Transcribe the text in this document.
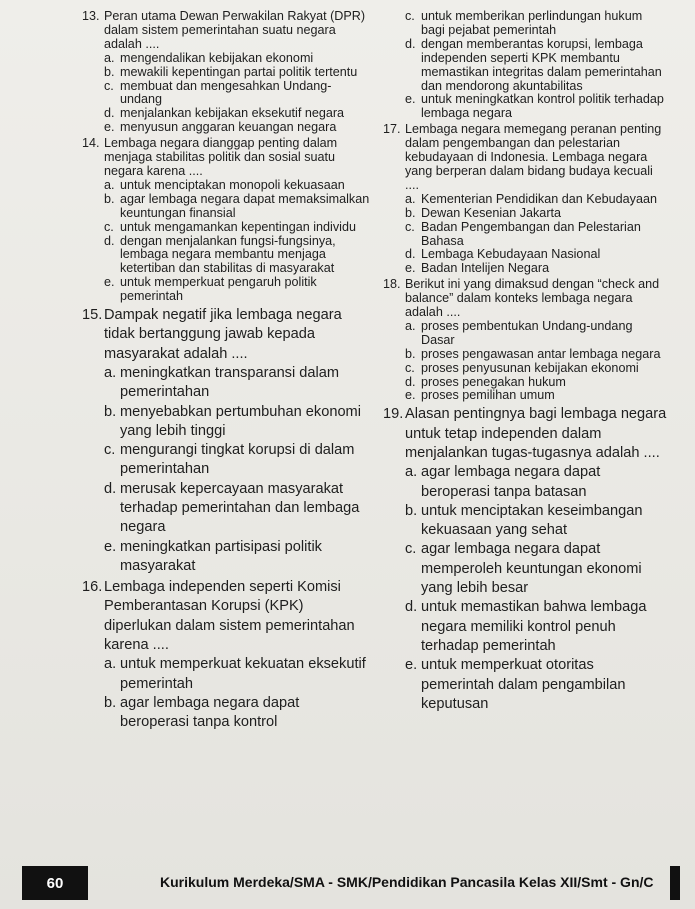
13. Peran utama Dewan Perwakilan Rakyat (DPR) dalam sistem pemerintahan suatu negara adalah ....
a. mengendalikan kebijakan ekonomi
b. mewakili kepentingan partai politik tertentu
c. membuat dan mengesahkan Undang-undang
d. menjalankan kebijakan eksekutif negara
e. menyusun anggaran keuangan negara
14. Lembaga negara dianggap penting dalam menjaga stabilitas politik dan sosial suatu negara karena ....
a. untuk menciptakan monopoli kekuasaan
b. agar lembaga negara dapat memaksimalkan keuntungan finansial
c. untuk mengamankan kepentingan individu
d. dengan menjalankan fungsi-fungsinya, lembaga negara membantu menjaga ketertiban dan stabilitas di masyarakat
e. untuk memperkuat pengaruh politik pemerintah
15. Dampak negatif jika lembaga negara tidak bertanggung jawab kepada masyarakat adalah ....
a. meningkatkan transparansi dalam pemerintahan
b. menyebabkan pertumbuhan ekonomi yang lebih tinggi
c. mengurangi tingkat korupsi di dalam pemerintahan
d. merusak kepercayaan masyarakat terhadap pemerintahan dan lembaga negara
e. meningkatkan partisipasi politik masyarakat
16. Lembaga independen seperti Komisi Pemberantasan Korupsi (KPK) diperlukan dalam sistem pemerintahan karena ....
a. untuk memperkuat kekuatan eksekutif pemerintah
b. agar lembaga negara dapat beroperasi tanpa kontrol
c. untuk memberikan perlindungan hukum bagi pejabat pemerintah
d. dengan memberantas korupsi, lembaga independen seperti KPK membantu memastikan integritas dalam pemerintahan dan mendorong akuntabilitas
e. untuk meningkatkan kontrol politik terhadap lembaga negara
17. Lembaga negara memegang peranan penting dalam pengembangan dan pelestarian kebudayaan di Indonesia. Lembaga negara yang berperan dalam bidang budaya kecuali ....
a. Kementerian Pendidikan dan Kebudayaan
b. Dewan Kesenian Jakarta
c. Badan Pengembangan dan Pelestarian Bahasa
d. Lembaga Kebudayaan Nasional
e. Badan Intelijen Negara
18. Berikut ini yang dimaksud dengan “check and balance” dalam konteks lembaga negara adalah ....
a. proses pembentukan Undang-undang Dasar
b. proses pengawasan antar lembaga negara
c. proses penyusunan kebijakan ekonomi
d. proses penegakan hukum
e. proses pemilihan umum
19. Alasan pentingnya bagi lembaga negara untuk tetap independen dalam menjalankan tugas-tugasnya adalah ....
a. agar lembaga negara dapat beroperasi tanpa batasan
b. untuk menciptakan keseimbangan kekuasaan yang sehat
c. agar lembaga negara dapat memperoleh keuntungan ekonomi yang lebih besar
d. untuk memastikan bahwa lembaga negara memiliki kontrol penuh terhadap pemerintah
e. untuk memperkuat otoritas pemerintah dalam pengambilan keputusan
60	Kurikulum Merdeka/SMA - SMK/Pendidikan Pancasila Kelas XII/Smt - Gn/C
